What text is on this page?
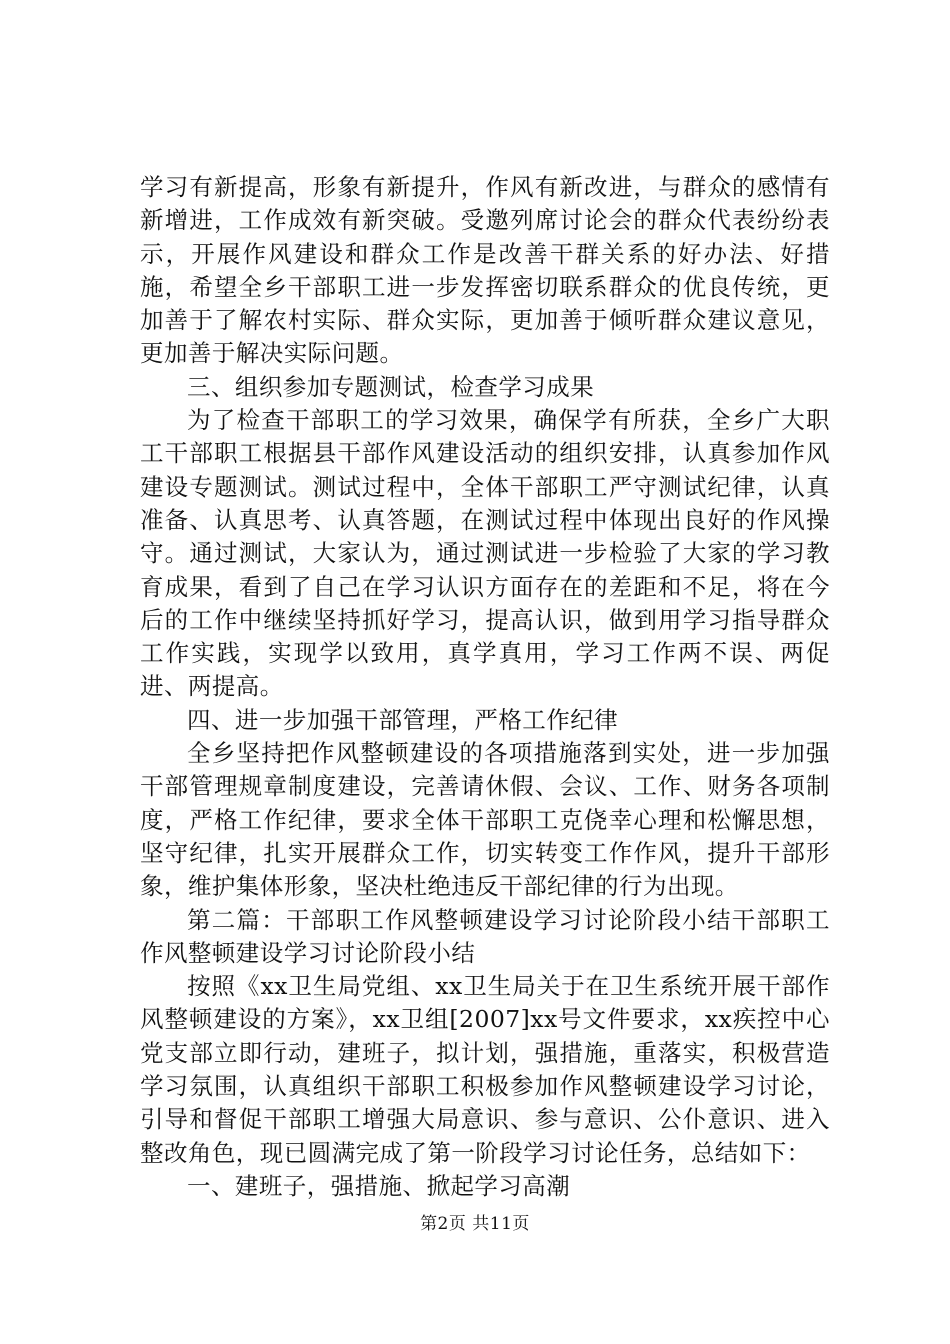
学习有新提高，形象有新提升，作风有新改进，与群众的感情有新增进，工作成效有新突破。受邀列席讨论会的群众代表纷纷表示，开展作风建设和群众工作是改善干群关系的好办法、好措施，希望全乡干部职工进一步发挥密切联系群众的优良传统，更加善于了解农村实际、群众实际，更加善于倾听群众建议意见，更加善于解决实际问题。

三、组织参加专题测试，检查学习成果

为了检查干部职工的学习效果，确保学有所获，全乡广大职工干部职工根据县干部作风建设活动的组织安排，认真参加作风建设专题测试。测试过程中，全体干部职工严守测试纪律，认真准备、认真思考、认真答题，在测试过程中体现出良好的作风操守。通过测试，大家认为，通过测试进一步检验了大家的学习教育成果，看到了自己在学习认识方面存在的差距和不足，将在今后的工作中继续坚持抓好学习，提高认识，做到用学习指导群众工作实践，实现学以致用，真学真用，学习工作两不误、两促进、两提高。

四、进一步加强干部管理，严格工作纪律

全乡坚持把作风整顿建设的各项措施落到实处，进一步加强干部管理规章制度建设，完善请休假、会议、工作、财务各项制度，严格工作纪律，要求全体干部职工克侥幸心理和松懈思想，坚守纪律，扎实开展群众工作，切实转变工作作风，提升干部形象，维护集体形象，坚决杜绝违反干部纪律的行为出现。

第二篇：干部职工作风整顿建设学习讨论阶段小结干部职工作风整顿建设学习讨论阶段小结

按照《xx卫生局党组、xx卫生局关于在卫生系统开展干部作风整顿建设的方案》，xx卫组[2007]xx号文件要求，xx疾控中心党支部立即行动，建班子，拟计划，强措施，重落实，积极营造学习氛围，认真组织干部职工积极参加作风整顿建设学习讨论，引导和督促干部职工增强大局意识、参与意识、公仆意识、进入整改角色，现已圆满完成了第一阶段学习讨论任务，总结如下：

一、建班子，强措施、掀起学习高潮

第2页 共11页
